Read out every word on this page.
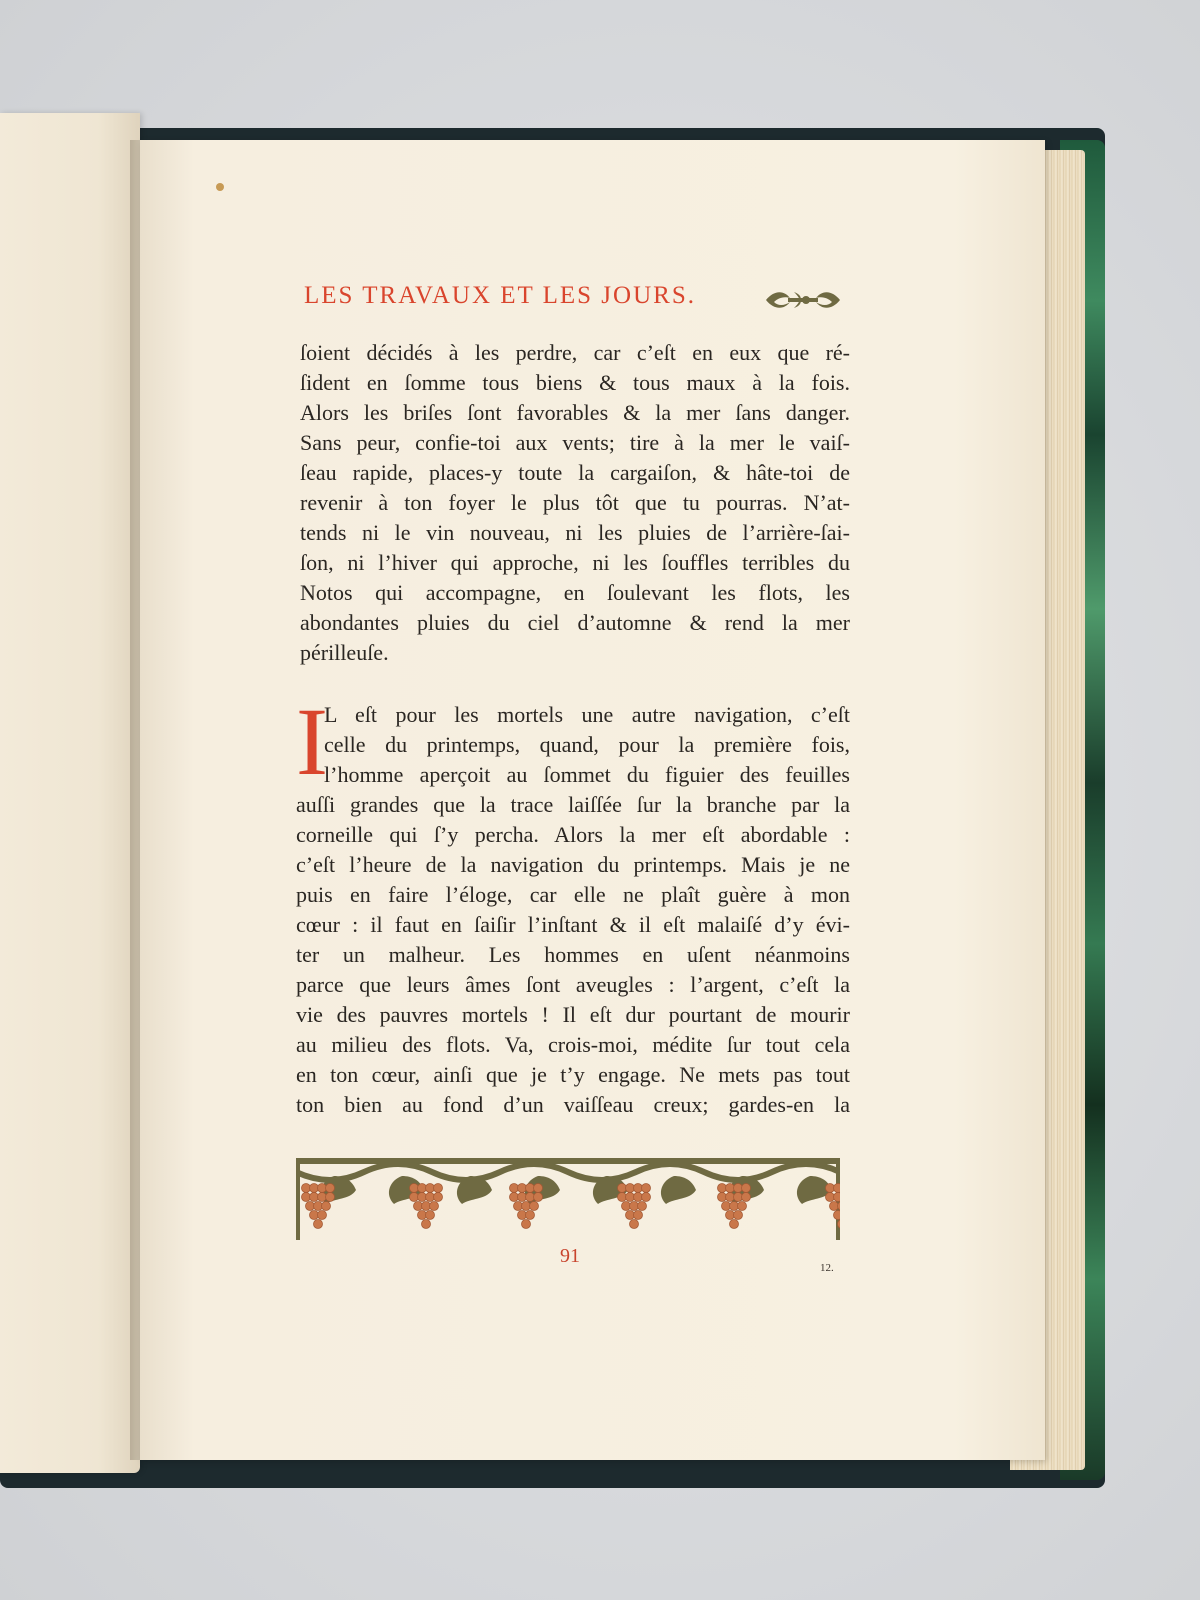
LES TRAVAUX ET LES JOURS.
ſoient décidés à les perdre, car c’eſt en eux que ré-
ſident en ſomme tous biens & tous maux à la fois.
Alors les briſes ſont favorables & la mer ſans danger.
Sans peur, confie-toi aux vents; tire à la mer le vaiſ-
ſeau rapide, places-y toute la cargaiſon, & hâte-toi de
revenir à ton foyer le plus tôt que tu pourras. N’at-
tends ni le vin nouveau, ni les pluies de l’arrière-ſai-
ſon, ni l’hiver qui approche, ni les ſouffles terribles du
Notos qui accompagne, en ſoulevant les flots, les
abondantes pluies du ciel d’automne & rend la mer
périlleuſe.
I
L eſt pour les mortels une autre navigation, c’eſt
celle du printemps, quand, pour la première fois,
l’homme aperçoit au ſommet du figuier des feuilles
auſſi grandes que la trace laiſſée ſur la branche par la
corneille qui ſ’y percha. Alors la mer eſt abordable :
c’eſt l’heure de la navigation du printemps. Mais je ne
puis en faire l’éloge, car elle ne plaît guère à mon
cœur : il faut en ſaiſir l’inſtant & il eſt malaiſé d’y évi-
ter un malheur. Les hommes en uſent néanmoins
parce que leurs âmes ſont aveugles : l’argent, c’eſt la
vie des pauvres mortels ! Il eſt dur pourtant de mourir
au milieu des flots. Va, crois-moi, médite ſur tout cela
en ton cœur, ainſi que je t’y engage. Ne mets pas tout
ton bien au fond d’un vaiſſeau creux; gardes-en la
91
12.
